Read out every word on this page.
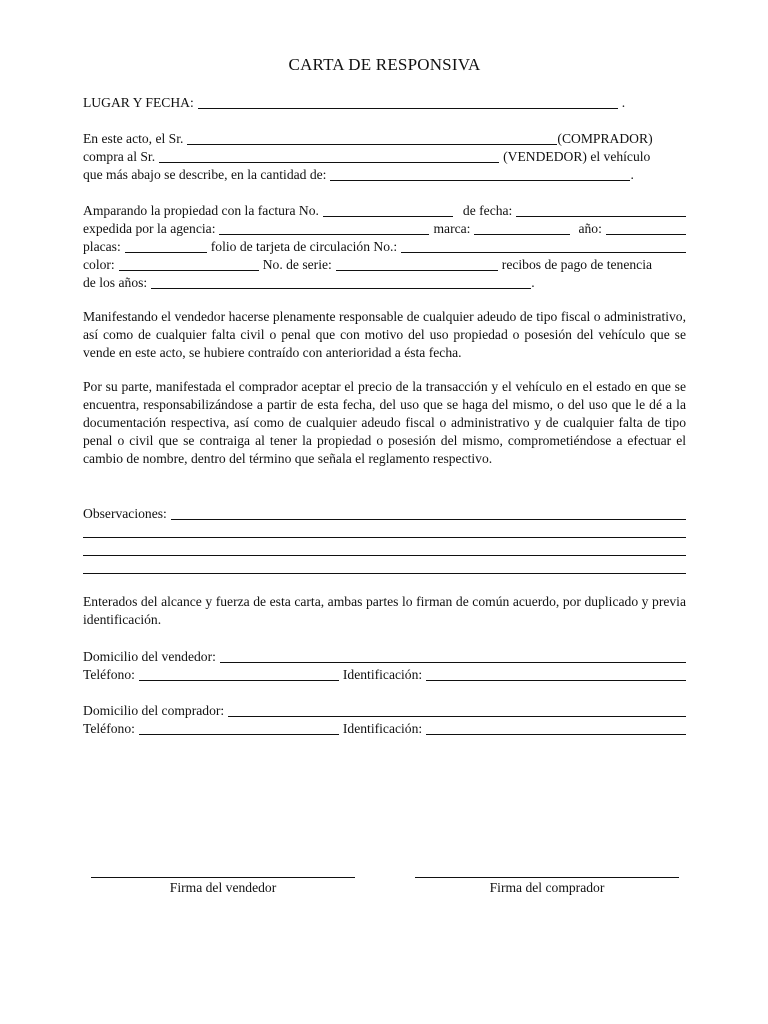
CARTA DE RESPONSIVA
LUGAR Y FECHA:	.
En este acto, el Sr.	(COMPRADOR)
compra al Sr.	(VENDEDOR) el vehículo
que más abajo se describe, en la cantidad de:	.
Amparando la propiedad con la factura No.	de fecha:
expedida por la agencia:	marca:	año:
placas:	folio de tarjeta de circulación No.:
color:	No. de serie:	recibos de pago de tenencia
de los años:	.
Manifestando el vendedor hacerse plenamente responsable de cualquier adeudo de tipo fiscal o administrativo, así como de cualquier falta civil o penal que con motivo del uso propiedad o posesión del vehículo que se vende en este acto, se hubiere contraído con anterioridad a ésta fecha.
Por su parte, manifestada el comprador aceptar el precio de la transacción y el vehículo en el estado en que se encuentra, responsabilizándose a partir de esta fecha, del uso que se haga del mismo, o del uso que le dé a la documentación respectiva, así como de cualquier adeudo fiscal o administrativo y de cualquier falta de tipo penal o civil que se contraiga al tener la propiedad o posesión del mismo, comprometiéndose a efectuar el cambio de nombre, dentro del término que señala el reglamento respectivo.
Observaciones:
Enterados del alcance y fuerza de esta carta, ambas partes lo firman de común acuerdo, por duplicado y previa identificación.
Domicilio del vendedor:
Teléfono:	Identificación:
Domicilio del comprador:
Teléfono:	Identificación:
Firma del vendedor	Firma del comprador
